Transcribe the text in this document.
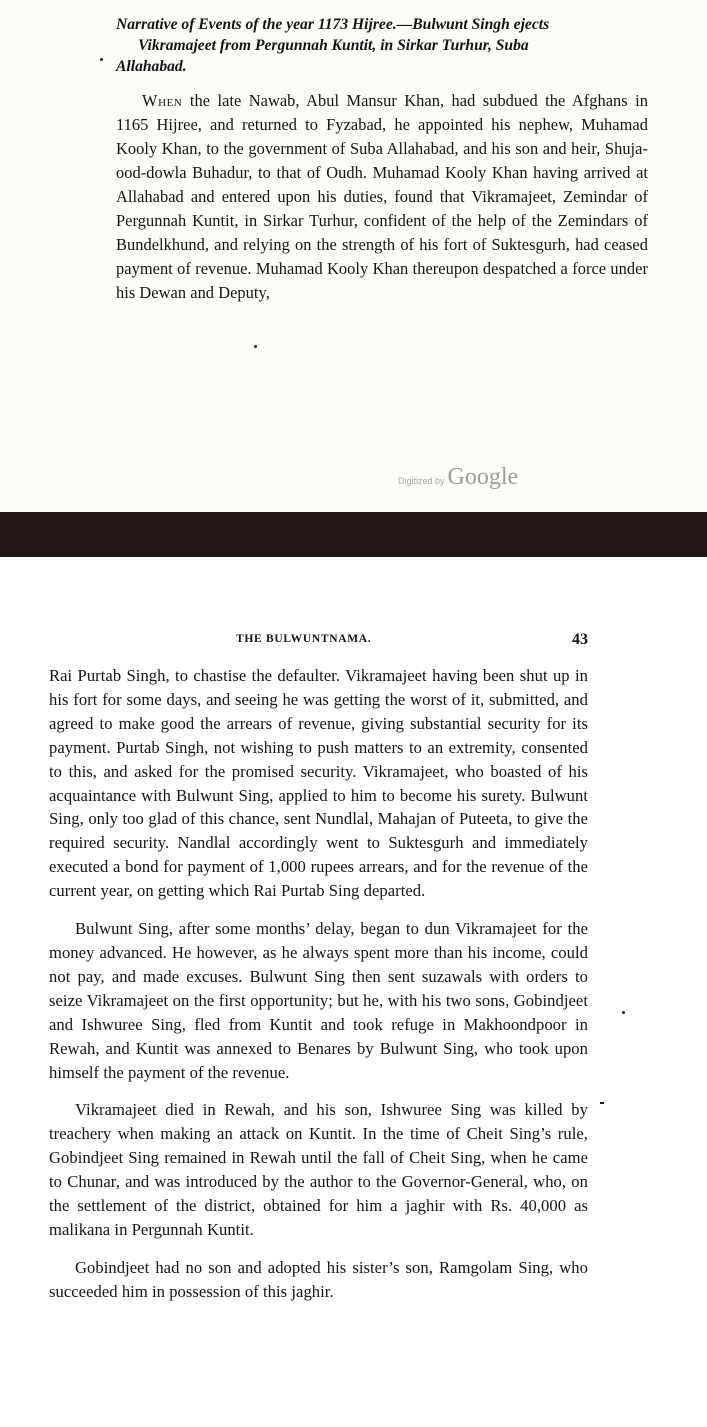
Narrative of Events of the year 1173 Hijree.—Bulwunt Singh ejects
Vikramajeet from Pergunnah Kuntit, in Sirkar Turhur, Suba
Allahabad.

When the late Nawab, Abul Mansur Khan, had subdued the Afghans in 1165 Hijree, and returned to Fyzabad, he appointed his nephew, Muhamad Kooly Khan, to the government of Suba Allahabad, and his son and heir, Shuja-ood-dowla Buhadur, to that of Oudh. Muhamad Kooly Khan having arrived at Allahabad and entered upon his duties, found that Vikramajeet, Zemindar of Pergunnah Kuntit, in Sirkar Turhur, confident of the help of the Zemindars of Bundelkhund, and relying on the strength of his fort of Suktesgurh, had ceased payment of revenue. Muhamad Kooly Khan thereupon despatched a force under his Dewan and Deputy,

Digitized by Google
THE BULWUNTNAMA.	43

Rai Purtab Singh, to chastise the defaulter. Vikramajeet having been shut up in his fort for some days, and seeing he was getting the worst of it, submitted, and agreed to make good the arrears of revenue, giving substantial security for its payment. Purtab Singh, not wishing to push matters to an extremity, consented to this, and asked for the promised security. Vikramajeet, who boasted of his acquaintance with Bulwunt Sing, applied to him to become his surety. Bulwunt Sing, only too glad of this chance, sent Nundlal, Mahajan of Puteeta, to give the required security. Nandlal accordingly went to Suktesgurh and immediately executed a bond for payment of 1,000 rupees arrears, and for the revenue of the current year, on getting which Rai Purtab Sing departed.

Bulwunt Sing, after some months’ delay, began to dun Vikramajeet for the money advanced. He however, as he always spent more than his income, could not pay, and made excuses. Bulwunt Sing then sent suzawals with orders to seize Vikramajeet on the first opportunity; but he, with his two sons, Gobindjeet and Ishwuree Sing, fled from Kuntit and took refuge in Makhoondpoor in Rewah, and Kuntit was annexed to Benares by Bulwunt Sing, who took upon himself the payment of the revenue.

Vikramajeet died in Rewah, and his son, Ishwuree Sing was killed by treachery when making an attack on Kuntit. In the time of Cheit Sing’s rule, Gobindjeet Sing remained in Rewah until the fall of Cheit Sing, when he came to Chunar, and was introduced by the author to the Governor-General, who, on the settlement of the district, obtained for him a jaghir with Rs. 40,000 as malikana in Pergunnah Kuntit.

Gobindjeet had no son and adopted his sister’s son, Ramgolam Sing, who succeeded him in possession of this jaghir.
